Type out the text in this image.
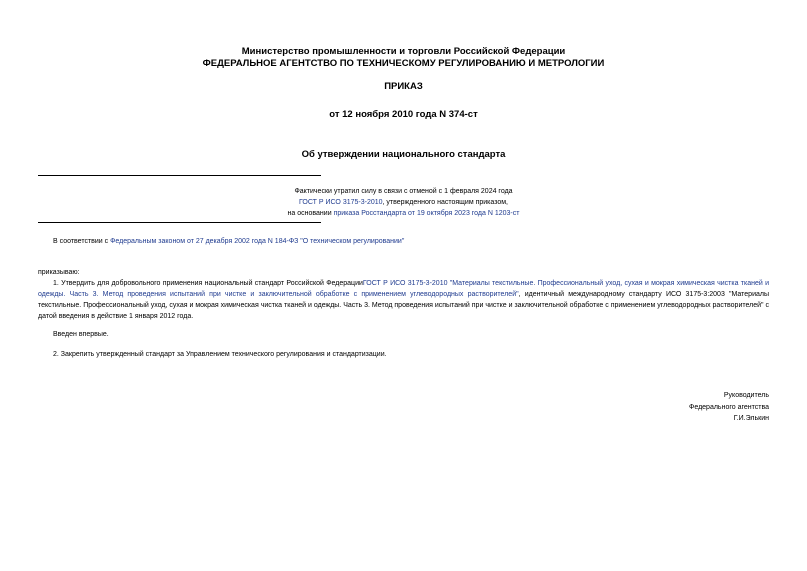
Министерство промышленности и торговли Российской Федерации
ФЕДЕРАЛЬНОЕ АГЕНТСТВО ПО ТЕХНИЧЕСКОМУ РЕГУЛИРОВАНИЮ И МЕТРОЛОГИИ
ПРИКАЗ
от 12 ноября 2010 года N 374-ст
Об утверждении национального стандарта
Фактически утратил силу в связи с отменой с 1 февраля 2024 года
ГОСТ Р ИСО 3175-3-2010, утвержденного настоящим приказом,
на основании приказа Росстандарта от 19 октября 2023 года N 1203-ст
В соответствии с Федеральным законом от 27 декабря 2002 года N 184-ФЗ "О техническом регулировании"
приказываю:
1. Утвердить для добровольного применения национальный стандарт Российской ФедерацииГОСТ Р ИСО 3175-3-2010 "Материалы текстильные. Профессиональный уход, сухая и мокрая химическая чистка тканей и одежды. Часть 3. Метод проведения испытаний при чистке и заключительной обработке с применением углеводородных растворителей", идентичный международному стандарту ИСО 3175-3:2003 "Материалы текстильные. Профессиональный уход, сухая и мокрая химическая чистка тканей и одежды. Часть 3. Метод проведения испытаний при чистке и заключительной обработке с применением углеводородных растворителей" с датой введения в действие 1 января 2012 года.
Введен впервые.
2. Закрепить утвержденный стандарт за Управлением технического регулирования и стандартизации.
Руководитель
Федерального агентства
Г.И.Элькин
